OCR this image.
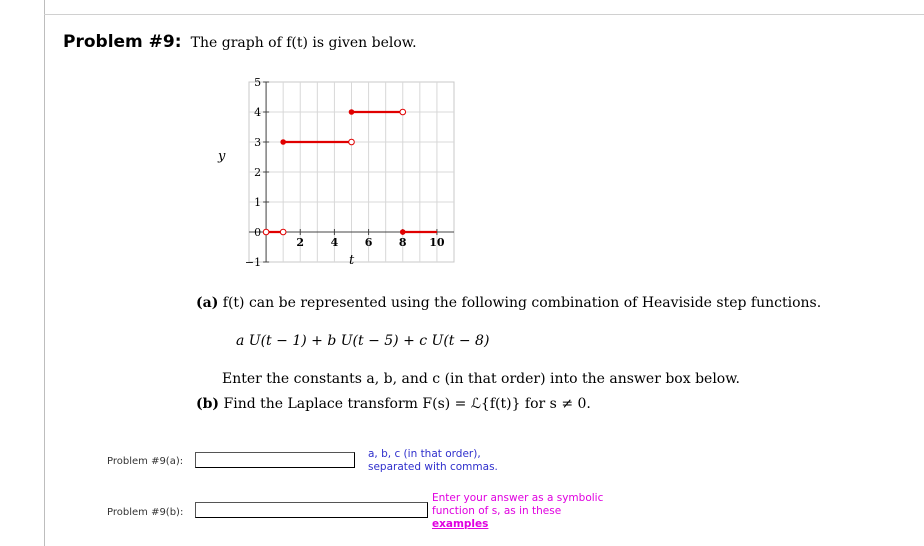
Problem #9: The graph of f(t) is given below.
5
4
3
2
1
0
−1
2 4 6 8 10
y
t
(a) f(t) can be represented using the following combination of Heaviside step functions.
a U(t − 1) + b U(t − 5) + c U(t − 8)
Enter the constants a, b, and c (in that order) into the answer box below.
(b) Find the Laplace transform F(s) = ℒ{f(t)} for s ≠ 0.
Problem #9(a):
a, b, c (in that order),
separated with commas.
Problem #9(b):
Enter your answer as a symbolic
function of s, as in these
examples
